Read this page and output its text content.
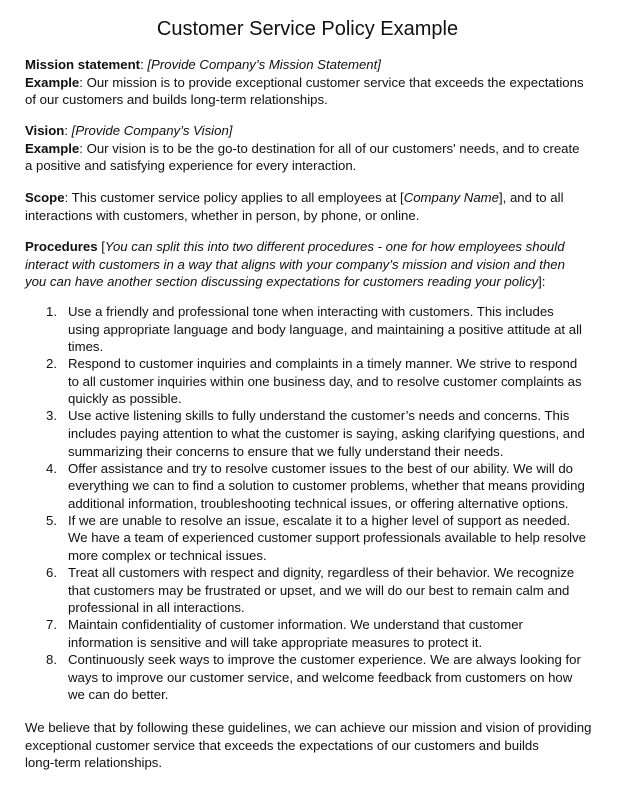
Customer Service Policy Example
Mission statement: [Provide Company’s Mission Statement]
Example: Our mission is to provide exceptional customer service that exceeds the expectations
of our customers and builds long-term relationships.
Vision: [Provide Company’s Vision]
Example: Our vision is to be the go-to destination for all of our customers' needs, and to create
a positive and satisfying experience for every interaction.
Scope: This customer service policy applies to all employees at [Company Name], and to all
interactions with customers, whether in person, by phone, or online.
Procedures [You can split this into two different procedures - one for how employees should
interact with customers in a way that aligns with your company’s mission and vision and then
you can have another section discussing expectations for customers reading your policy]:
1. Use a friendly and professional tone when interacting with customers. This includes
using appropriate language and body language, and maintaining a positive attitude at all
times.
2. Respond to customer inquiries and complaints in a timely manner. We strive to respond
to all customer inquiries within one business day, and to resolve customer complaints as
quickly as possible.
3. Use active listening skills to fully understand the customer’s needs and concerns. This
includes paying attention to what the customer is saying, asking clarifying questions, and
summarizing their concerns to ensure that we fully understand their needs.
4. Offer assistance and try to resolve customer issues to the best of our ability. We will do
everything we can to find a solution to customer problems, whether that means providing
additional information, troubleshooting technical issues, or offering alternative options.
5. If we are unable to resolve an issue, escalate it to a higher level of support as needed.
We have a team of experienced customer support professionals available to help resolve
more complex or technical issues.
6. Treat all customers with respect and dignity, regardless of their behavior. We recognize
that customers may be frustrated or upset, and we will do our best to remain calm and
professional in all interactions.
7. Maintain confidentiality of customer information. We understand that customer
information is sensitive and will take appropriate measures to protect it.
8. Continuously seek ways to improve the customer experience. We are always looking for
ways to improve our customer service, and welcome feedback from customers on how
we can do better.
We believe that by following these guidelines, we can achieve our mission and vision of providing
exceptional customer service that exceeds the expectations of our customers and builds
long-term relationships.
